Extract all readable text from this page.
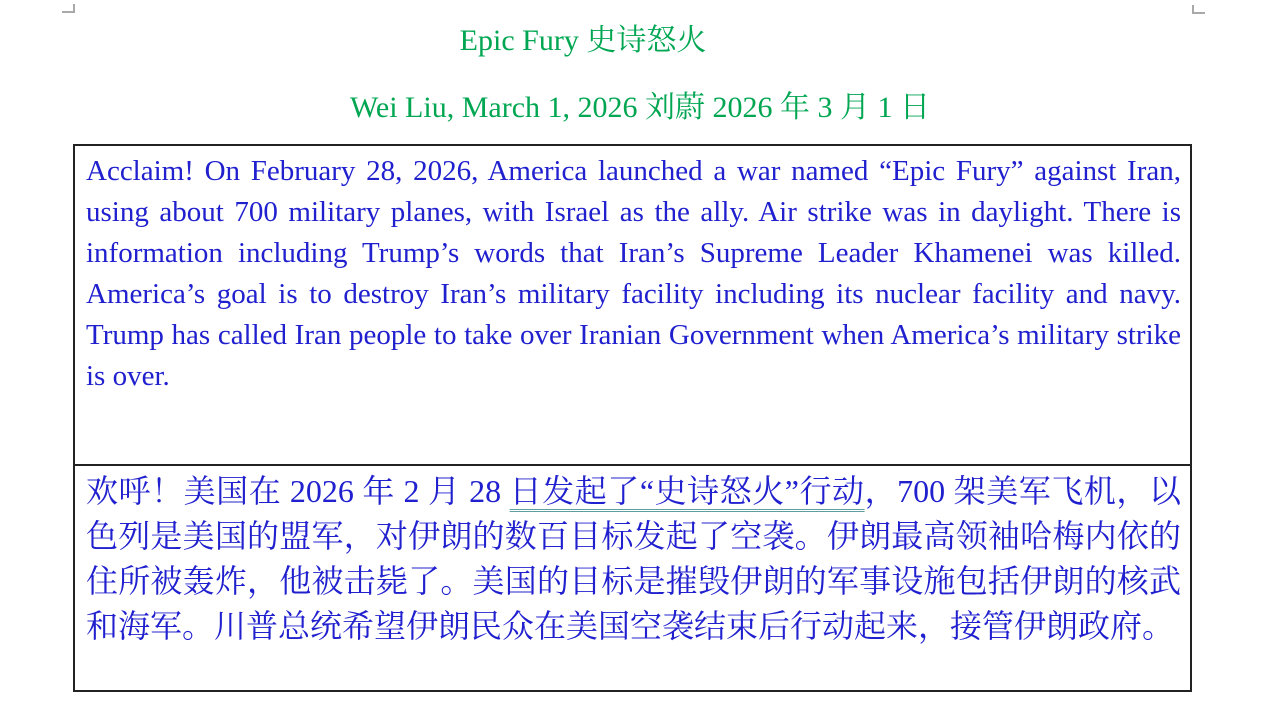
Epic Fury 史诗怒火
Wei Liu, March 1, 2026 刘蔚 2026 年 3 月 1 日
Acclaim! On February 28, 2026, America launched a war named “Epic Fury” against Iran, using about 700 military planes, with Israel as the ally. Air strike was in daylight. There is information including Trump’s words that Iran’s Supreme Leader Khamenei was killed. America’s goal is to destroy Iran’s military facility including its nuclear facility and navy. Trump has called Iran people to take over Iranian Government when America’s military strike is over.
欢呼！美国在 2026 年 2 月 28 日发起了“史诗怒火”行动，700 架美军飞机，以色列是美国的盟军，对伊朗的数百目标发起了空袭。伊朗最高领袖哈梅内依的住所被轰炸，他被击毙了。美国的目标是摧毁伊朗的军事设施包括伊朗的核武和海军。川普总统希望伊朗民众在美国空袭结束后行动起来，接管伊朗政府。
